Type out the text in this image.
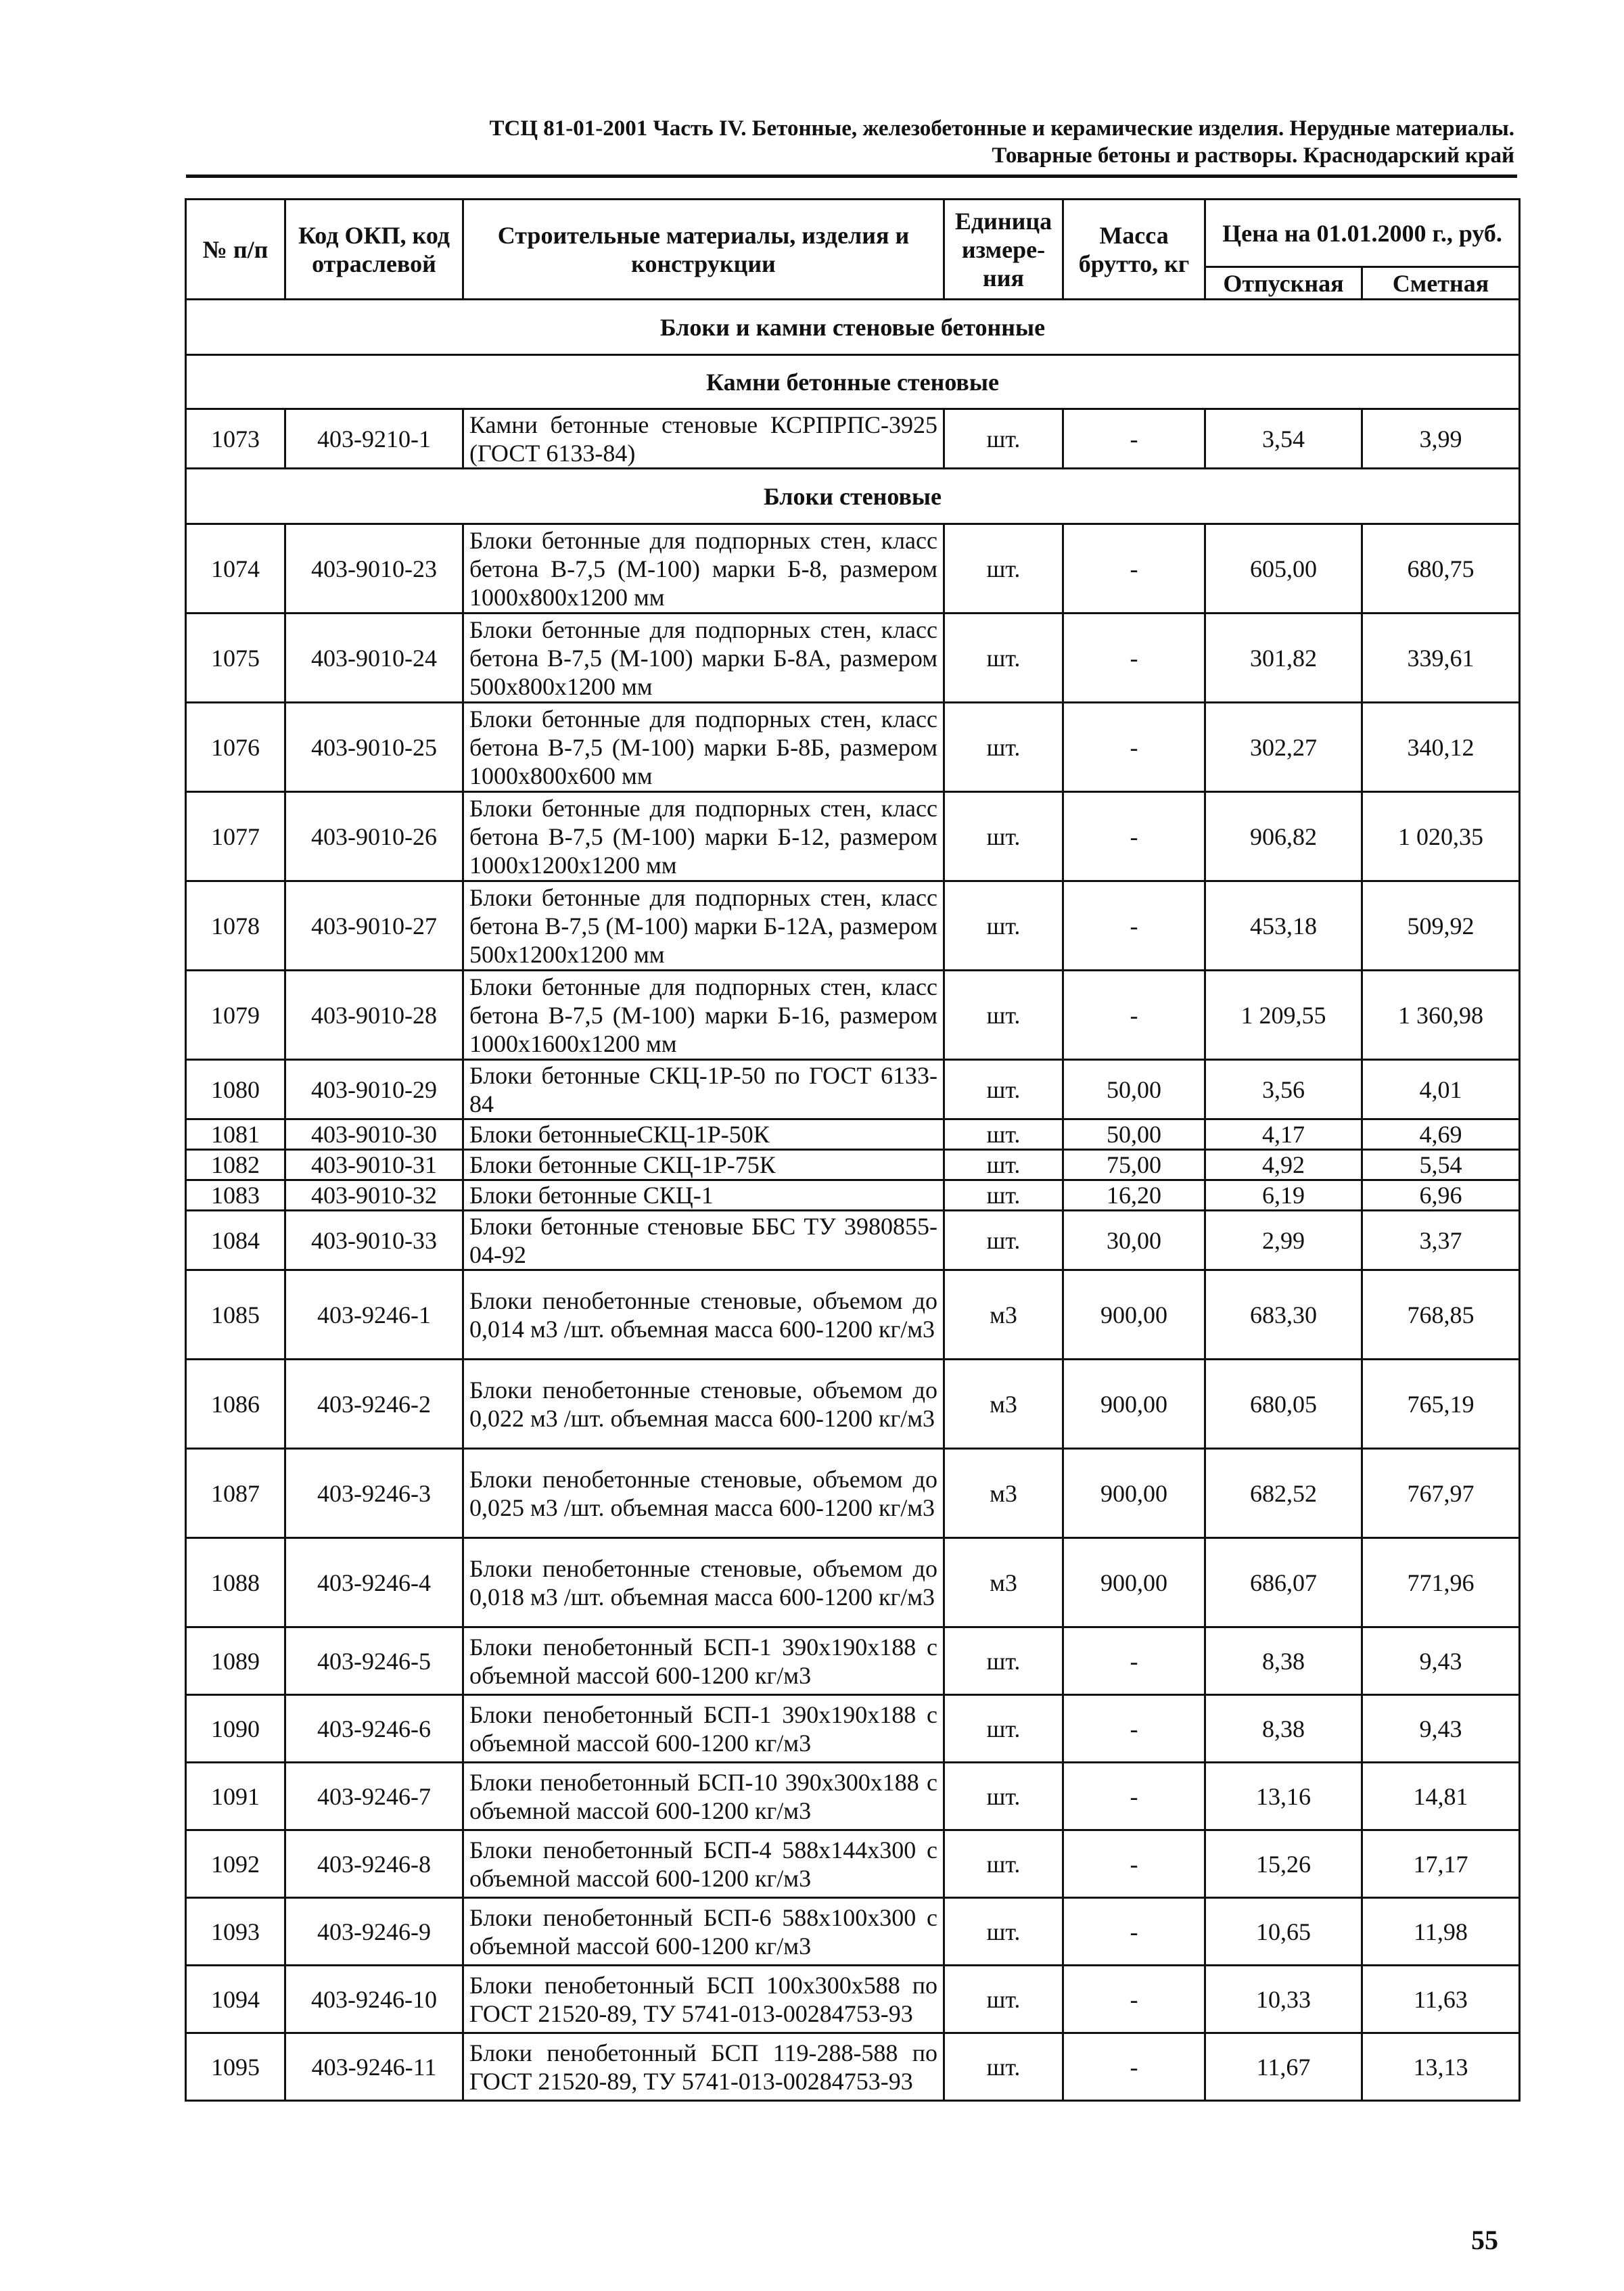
ТСЦ 81-01-2001 Часть IV. Бетонные, железобетонные и керамические изделия. Нерудные материалы.
Товарные бетоны и растворы. Краснодарский край
№ п/п	Код ОКП, код отраслевой	Строительные материалы, изделия и конструкции	Единица измере- ния	Масса брутто, кг	Цена на 01.01.2000 г., руб.	
					Отпускная	Сметная
Блоки и камни стеновые бетонные						
Камни бетонные стеновые						
1073	403-9210-1	Камни бетонные стеновые КСРПРПС-3925 (ГОСТ 6133-84)	шт.	-	3,54	3,99
Блоки стеновые						
1074	403-9010-23	Блоки бетонные для подпорных стен, класс бетона В-7,5 (М-100) марки Б-8, размером 1000х800х1200 мм	шт.	-	605,00	680,75
1075	403-9010-24	Блоки бетонные для подпорных стен, класс бетона В-7,5 (М-100) марки Б-8А, размером 500х800х1200 мм	шт.	-	301,82	339,61
1076	403-9010-25	Блоки бетонные для подпорных стен, класс бетона В-7,5 (М-100) марки Б-8Б, размером 1000х800х600 мм	шт.	-	302,27	340,12
1077	403-9010-26	Блоки бетонные для подпорных стен, класс бетона В-7,5 (М-100) марки Б-12, размером 1000х1200х1200 мм	шт.	-	906,82	1 020,35
1078	403-9010-27	Блоки бетонные для подпорных стен, класс бетона В-7,5 (М-100) марки Б-12А, размером 500х1200х1200 мм	шт.	-	453,18	509,92
1079	403-9010-28	Блоки бетонные для подпорных стен, класс бетона В-7,5 (М-100) марки Б-16, размером 1000х1600х1200 мм	шт.	-	1 209,55	1 360,98
1080	403-9010-29	Блоки бетонные СКЦ-1Р-50 по ГОСТ 6133-84	шт.	50,00	3,56	4,01
1081	403-9010-30	Блоки бетонныеСКЦ-1Р-50К	шт.	50,00	4,17	4,69
1082	403-9010-31	Блоки бетонные СКЦ-1Р-75К	шт.	75,00	4,92	5,54
1083	403-9010-32	Блоки бетонные СКЦ-1	шт.	16,20	6,19	6,96
1084	403-9010-33	Блоки бетонные стеновые ББС ТУ 3980855-04-92	шт.	30,00	2,99	3,37
1085	403-9246-1	Блоки пенобетонные стеновые, объемом до 0,014 м3 /шт. объемная масса 600-1200 кг/м3	м3	900,00	683,30	768,85
1086	403-9246-2	Блоки пенобетонные стеновые, объемом до 0,022 м3 /шт. объемная масса 600-1200 кг/м3	м3	900,00	680,05	765,19
1087	403-9246-3	Блоки пенобетонные стеновые, объемом до 0,025 м3 /шт. объемная масса 600-1200 кг/м3	м3	900,00	682,52	767,97
1088	403-9246-4	Блоки пенобетонные стеновые, объемом до 0,018 м3 /шт. объемная масса 600-1200 кг/м3	м3	900,00	686,07	771,96
1089	403-9246-5	Блоки пенобетонный БСП-1 390х190х188 с объемной массой 600-1200 кг/м3	шт.	-	8,38	9,43
1090	403-9246-6	Блоки пенобетонный БСП-1 390х190х188 с объемной массой 600-1200 кг/м3	шт.	-	8,38	9,43
1091	403-9246-7	Блоки пенобетонный БСП-10 390х300х188 с объемной массой 600-1200 кг/м3	шт.	-	13,16	14,81
1092	403-9246-8	Блоки пенобетонный БСП-4 588х144х300 с объемной массой 600-1200 кг/м3	шт.	-	15,26	17,17
1093	403-9246-9	Блоки пенобетонный БСП-6 588х100х300 с объемной массой 600-1200 кг/м3	шт.	-	10,65	11,98
1094	403-9246-10	Блоки пенобетонный БСП 100х300х588 по ГОСТ 21520-89, ТУ 5741-013-00284753-93	шт.	-	10,33	11,63
1095	403-9246-11	Блоки пенобетонный БСП 119-288-588 по ГОСТ 21520-89, ТУ 5741-013-00284753-93	шт.	-	11,67	13,13
55
